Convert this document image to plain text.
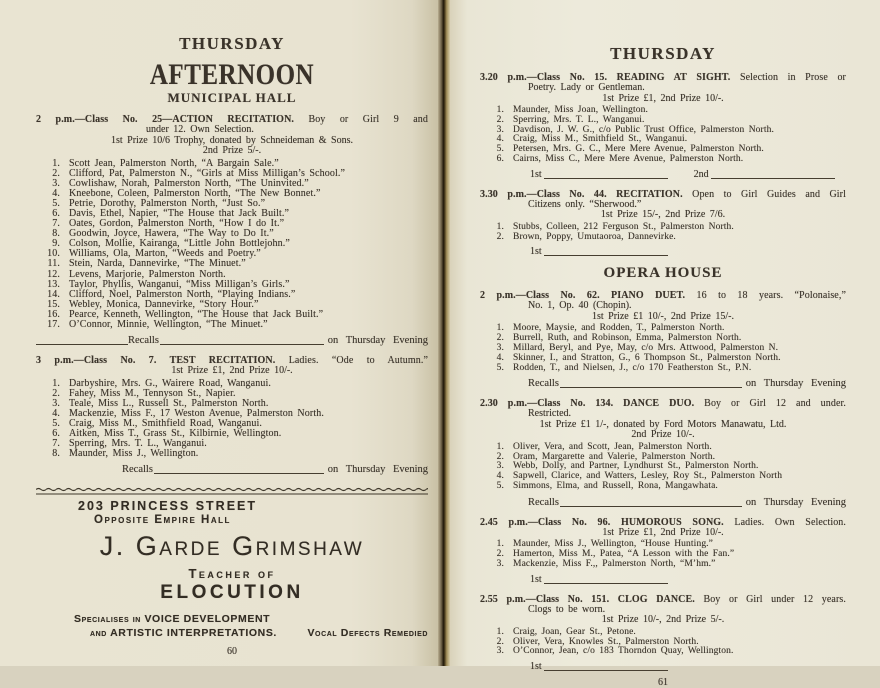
THURSDAY
AFTERNOON
MUNICIPAL HALL

2 p.m.—Class No. 25—ACTION RECITATION. Boy or Girl 9 and

under 12. Own Selection.

1st Prize 10/6 Trophy, donated by Schneideman & Sons.

2nd Prize 5/-.

1. Scott Jean, Palmerston North, “A Bargain Sale.”
2. Clifford, Pat, Palmerston N., “Girls at Miss Milligan’s School.”
3. Cowlishaw, Norah, Palmerston North, “The Uninvited.”
4. Kneebone, Coleen, Palmerston North, “The New Bonnet.”
5. Petrie, Dorothy, Palmerston North, “Just So.”
6. Davis, Ethel, Napier, “The House that Jack Built.”
7. Oates, Gordon, Palmerston North, “How I do It.”
8. Goodwin, Joyce, Hawera, “The Way to Do It.”
9. Colson, Mollie, Kairanga, “Little John Bottlejohn.”
10. Williams, Ola, Marton, “Weeds and Poetry.”
11. Stein, Narda, Dannevirke, “The Minuet.”
12. Levens, Marjorie, Palmerston North.
13. Taylor, Phyllis, Wanganui, “Miss Milligan’s Girls.”
14. Clifford, Noel, Palmerston North, “Playing Indians.”
15. Webley, Monica, Dannevirke, “Story Hour.”
16. Pearce, Kenneth, Wellington, “The House that Jack Built.”
17. O’Connor, Minnie, Wellington, “The Minuet.”
Recalls	on Thursday Evening

3 p.m.—Class No. 7. TEST RECITATION. Ladies. “Ode to Autumn.”

1st Prize £1, 2nd Prize 10/-.

1. Darbyshire, Mrs. G., Wairere Road, Wanganui.
2. Fahey, Miss M., Tennyson St., Napier.
3. Teale, Miss L., Russell St., Palmerston North.
4. Mackenzie, Miss F., 17 Weston Avenue, Palmerston North.
5. Craig, Miss M., Smithfield Road, Wanganui.
6. Aitken, Miss T., Grass St., Kilbirnie, Wellington.
7. Sperring, Mrs. T. L., Wanganui.
8. Maunder, Miss J., Wellington.
Recalls	on Thursday Evening

203 PRINCESS STREET

Opposite Empire Hall

J. Garde Grimshaw

Teacher of

ELOCUTION

Specialises in VOICE DEVELOPMENT

and ARTISTIC INTERPRETATIONS.	Vocal Defects Remedied

60

THURSDAY

3.20 p.m.—Class No. 15. READING AT SIGHT. Selection in Prose or

Poetry. Lady or Gentleman.

1st Prize £1, 2nd Prize 10/-.

1. Maunder, Miss Joan, Wellington.
2. Sperring, Mrs. T. L., Wanganui.
3. Davdison, J. W. G., c/o Public Trust Office, Palmerston North.
4. Craig, Miss M., Smithfield St., Wanganui.
5. Petersen, Mrs. G. C., Mere Mere Avenue, Palmerston North.
6. Cairns, Miss C., Mere Mere Avenue, Palmerston North.
1st	2nd

3.30 p.m.—Class No. 44. RECITATION. Open to Girl Guides and Girl

Citizens only. “Sherwood.”

1st Prize 15/-, 2nd Prize 7/6.

1. Stubbs, Colleen, 212 Ferguson St., Palmerston North.
2. Brown, Poppy, Umutaoroa, Dannevirke.
1st
OPERA HOUSE

2 p.m.—Class No. 62. PIANO DUET. 16 to 18 years. “Polonaise,”

No. 1, Op. 40 (Chopin).

1st Prize £1 10/-, 2nd Prize 15/-.

1. Moore, Maysie, and Rodden, T., Palmerston North.
2. Burrell, Ruth, and Robinson, Emma, Palmerston North.
3. Millard, Beryl, and Pye, May, c/o Mrs. Attwood, Palmerston N.
4. Skinner, I., and Stratton, G., 6 Thompson St., Palmerston North.
5. Rodden, T., and Nielsen, J., c/o 170 Featherston St., P.N.
Recalls	on Thursday Evening

2.30 p.m.—Class No. 134. DANCE DUO. Boy or Girl 12 and under.

Restricted.

1st Prize £1 1/-, donated by Ford Motors Manawatu, Ltd.

2nd Prize 10/-.

1. Oliver, Vera, and Scott, Jean, Palmerston North.
2. Oram, Margarette and Valerie, Palmerston North.
3. Webb, Dolly, and Partner, Lyndhurst St., Palmerston North.
4. Sapwell, Clarice, and Watters, Lesley, Roy St., Palmerston North
5. Simmons, Elma, and Russell, Rona, Mangawhata.
Recalls	on Thursday Evening

2.45 p.m.—Class No. 96. HUMOROUS SONG. Ladies. Own Selection.

1st Prize £1, 2nd Prize 10/-.

1. Maunder, Miss J., Wellington, “House Hunting.”
2. Hamerton, Miss M., Patea, “A Lesson with the Fan.”
3. Mackenzie, Miss F.,, Palmerston North, “M’hm.”
1st

2.55 p.m.—Class No. 151. CLOG DANCE. Boy or Girl under 12 years.

Clogs to be worn.

1st Prize 10/-, 2nd Prize 5/-.

1. Craig, Joan, Gear St., Petone.
2. Oliver, Vera, Knowles St., Palmerston North.
3. O’Connor, Jean, c/o 183 Thorndon Quay, Wellington.
1st

61
